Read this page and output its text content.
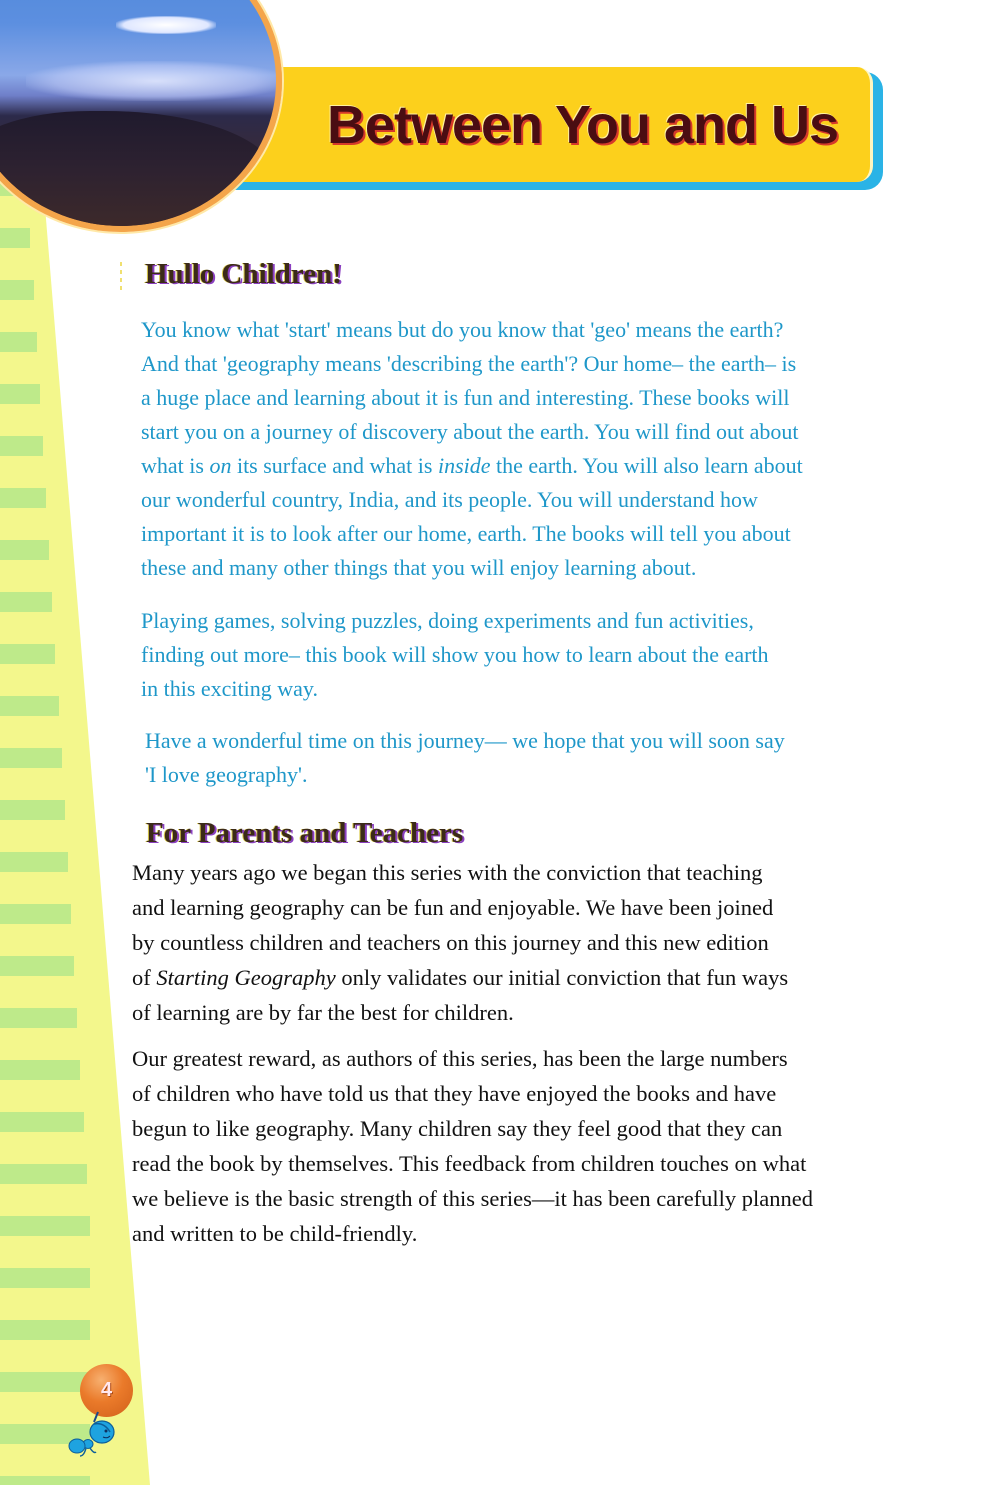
Between You and Us
Hullo Children!

You know what 'start' means but do you know that 'geo' means the earth?
And that 'geography means 'describing the earth'? Our home– the earth– is
a huge place and learning about it is fun and interesting. These books will
start you on a journey of discovery about the earth. You will find out about
what is on its surface and what is inside the earth. You will also learn about
our wonderful country, India, and its people. You will understand how
important it is to look after our home, earth. The books will tell you about
these and many other things that you will enjoy learning about.

Playing games, solving puzzles, doing experiments and fun activities,
finding out more– this book will show you how to learn about the earth
in this exciting way.

Have a wonderful time on this journey— we hope that you will soon say
'I love geography'.

For Parents and Teachers

Many years ago we began this series with the conviction that teaching
and learning geography can be fun and enjoyable. We have been joined
by countless children and teachers on this journey and this new edition
of Starting Geography only validates our initial conviction that fun ways
of learning are by far the best for children.

Our greatest reward, as authors of this series, has been the large numbers
of children who have told us that they have enjoyed the books and have
begun to like geography. Many children say they feel good that they can
read the book by themselves. This feedback from children touches on what
we believe is the basic strength of this series—it has been carefully planned
and written to be child-friendly.

4
